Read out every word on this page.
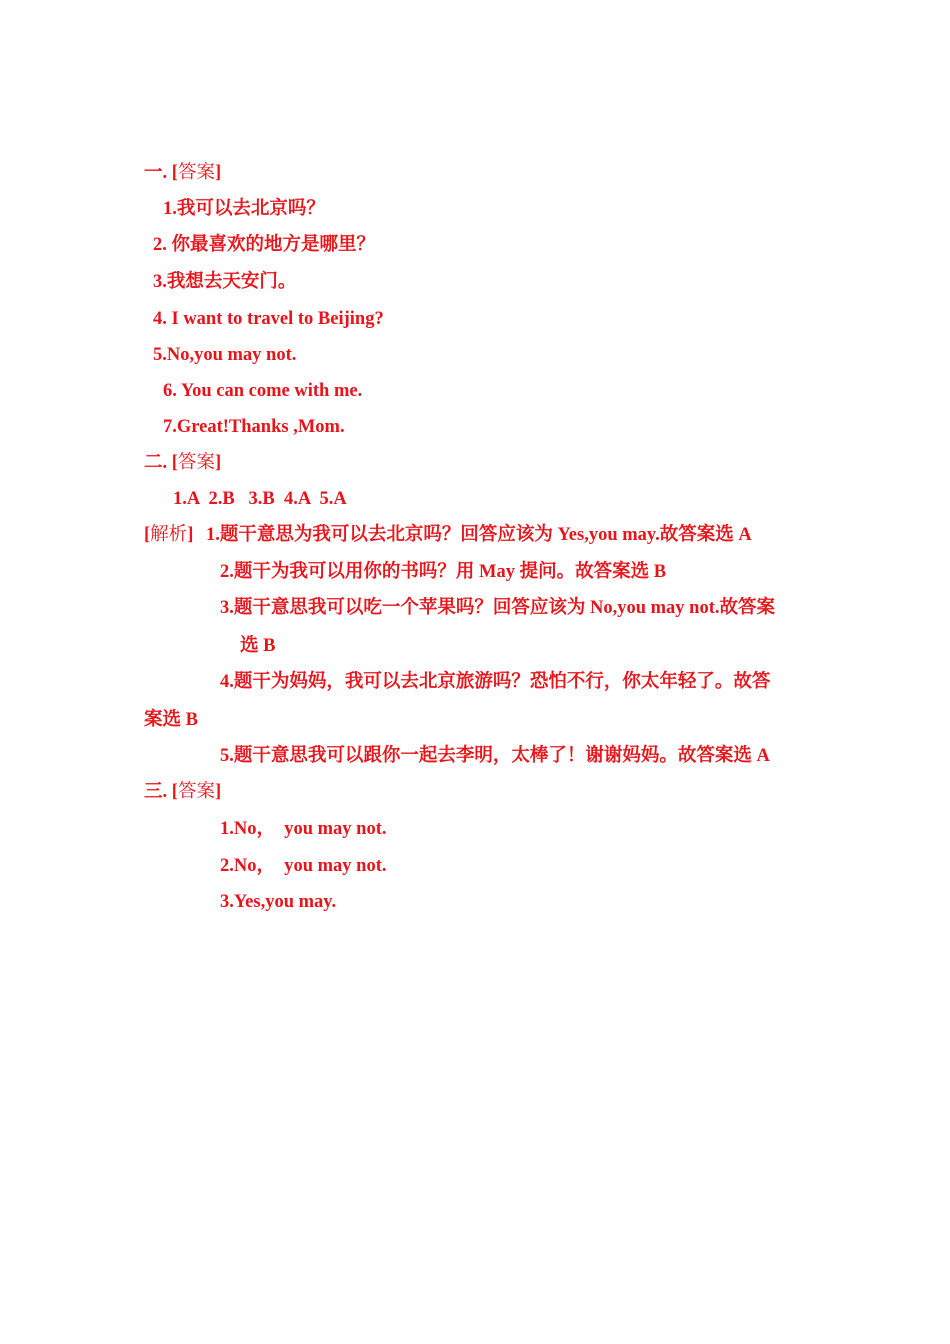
一. [答案]
1.我可以去北京吗？
2. 你最喜欢的地方是哪里？
3.我想去天安门。
4. I want to travel to Beijing?
5.No,you may not.
6. You can come with me.
7.Great!Thanks ,Mom.
二. [答案]
1.A  2.B   3.B  4.A  5.A
[解析] 1.题干意思为我可以去北京吗？回答应该为 Yes,you may.故答案选 A
2.题干为我可以用你的书吗？用 May 提问。故答案选 B
3.题干意思我可以吃一个苹果吗？回答应该为 No,you may not.故答案
选 B
4.题干为妈妈，我可以去北京旅游吗？恐怕不行，你太年轻了。故答
案选 B
5.题干意思我可以跟你一起去李明，太棒了！谢谢妈妈。故答案选 A
三. [答案]
1.No，  you may not.
2.No，  you may not.
3.Yes,you may.
